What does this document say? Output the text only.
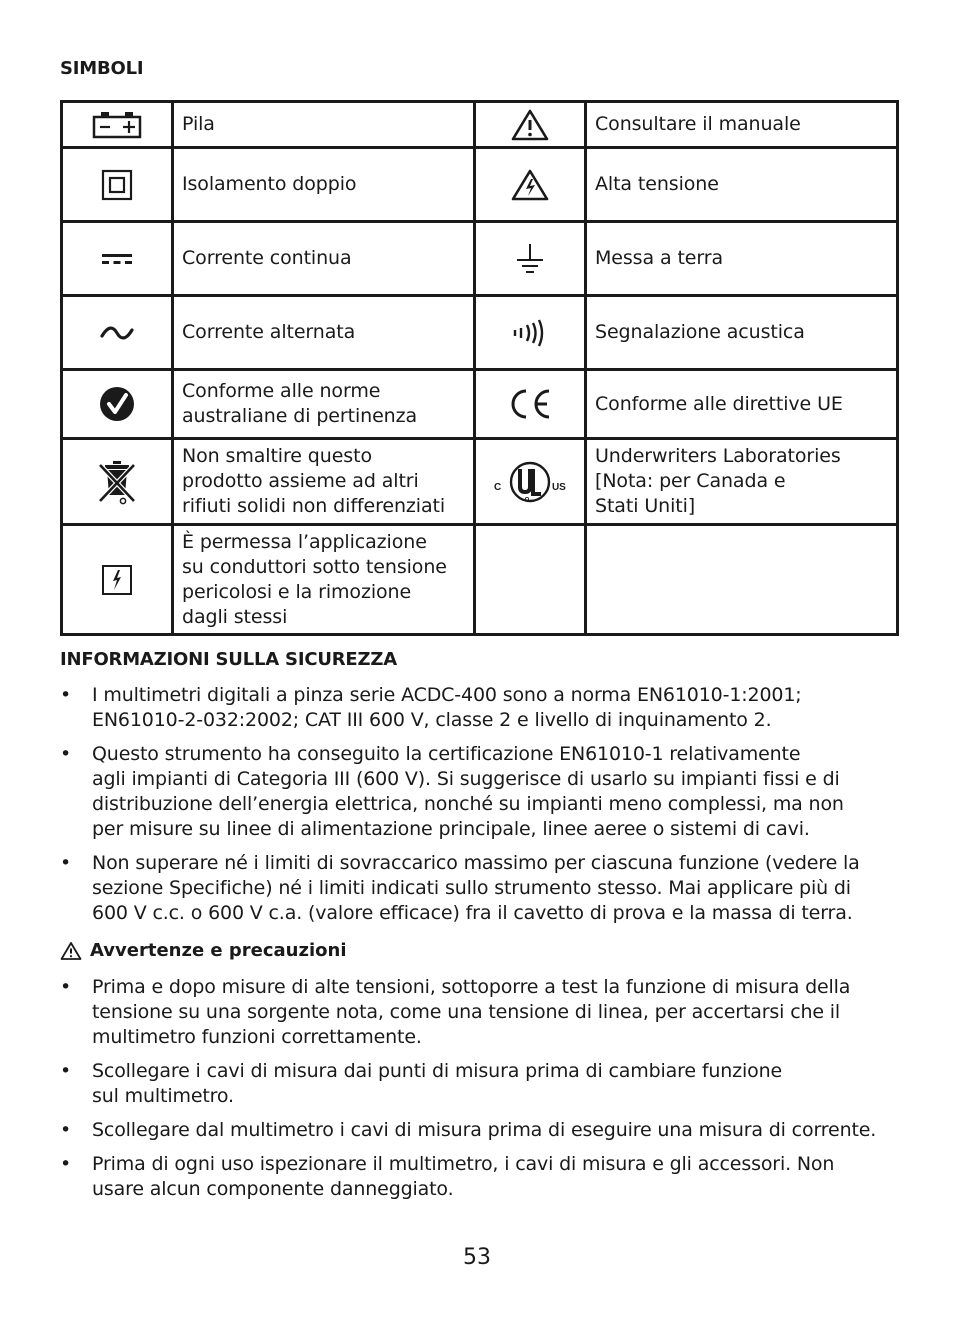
SIMBOLI

Pila		Consultare il manuale

Isolamento doppio		Alta tensione

Corrente continua		Messa a terra

Corrente alternata		Segnalazione acustica

Conforme alle norme
australiane di pertinenza		Conforme alle direttive UE

Non smaltire questo
prodotto assieme ad altri
rifiuti solidi non differenziati	C US	Underwriters Laboratories
[Nota: per Canada e
Stati Uniti]

È permessa l’applicazione
su conduttori sotto tensione
pericolosi e la rimozione
dagli stessi		

INFORMAZIONI SULLA SICUREZZA
• I multimetri digitali a pinza serie ACDC-400 sono a norma EN61010-1:2001;
EN61010-2-032:2002; CAT III 600 V, classe 2 e livello di inquinamento 2.
• Questo strumento ha conseguito la certificazione EN61010-1 relativamente
agli impianti di Categoria III (600 V). Si suggerisce di usarlo su impianti fissi e di
distribuzione dell’energia elettrica, nonché su impianti meno complessi, ma non
per misure su linee di alimentazione principale, linee aeree o sistemi di cavi.
• Non superare né i limiti di sovraccarico massimo per ciascuna funzione (vedere la
sezione Specifiche) né i limiti indicati sullo strumento stesso. Mai applicare più di
600 V c.c. o 600 V c.a. (valore efficace) fra il cavetto di prova e la massa di terra.
Avvertenze e precauzioni
• Prima e dopo misure di alte tensioni, sottoporre a test la funzione di misura della
tensione su una sorgente nota, come una tensione di linea, per accertarsi che il
multimetro funzioni correttamente.
• Scollegare i cavi di misura dai punti di misura prima di cambiare funzione
sul multimetro.
• Scollegare dal multimetro i cavi di misura prima di eseguire una misura di corrente.
• Prima di ogni uso ispezionare il multimetro, i cavi di misura e gli accessori. Non
usare alcun componente danneggiato.
53
